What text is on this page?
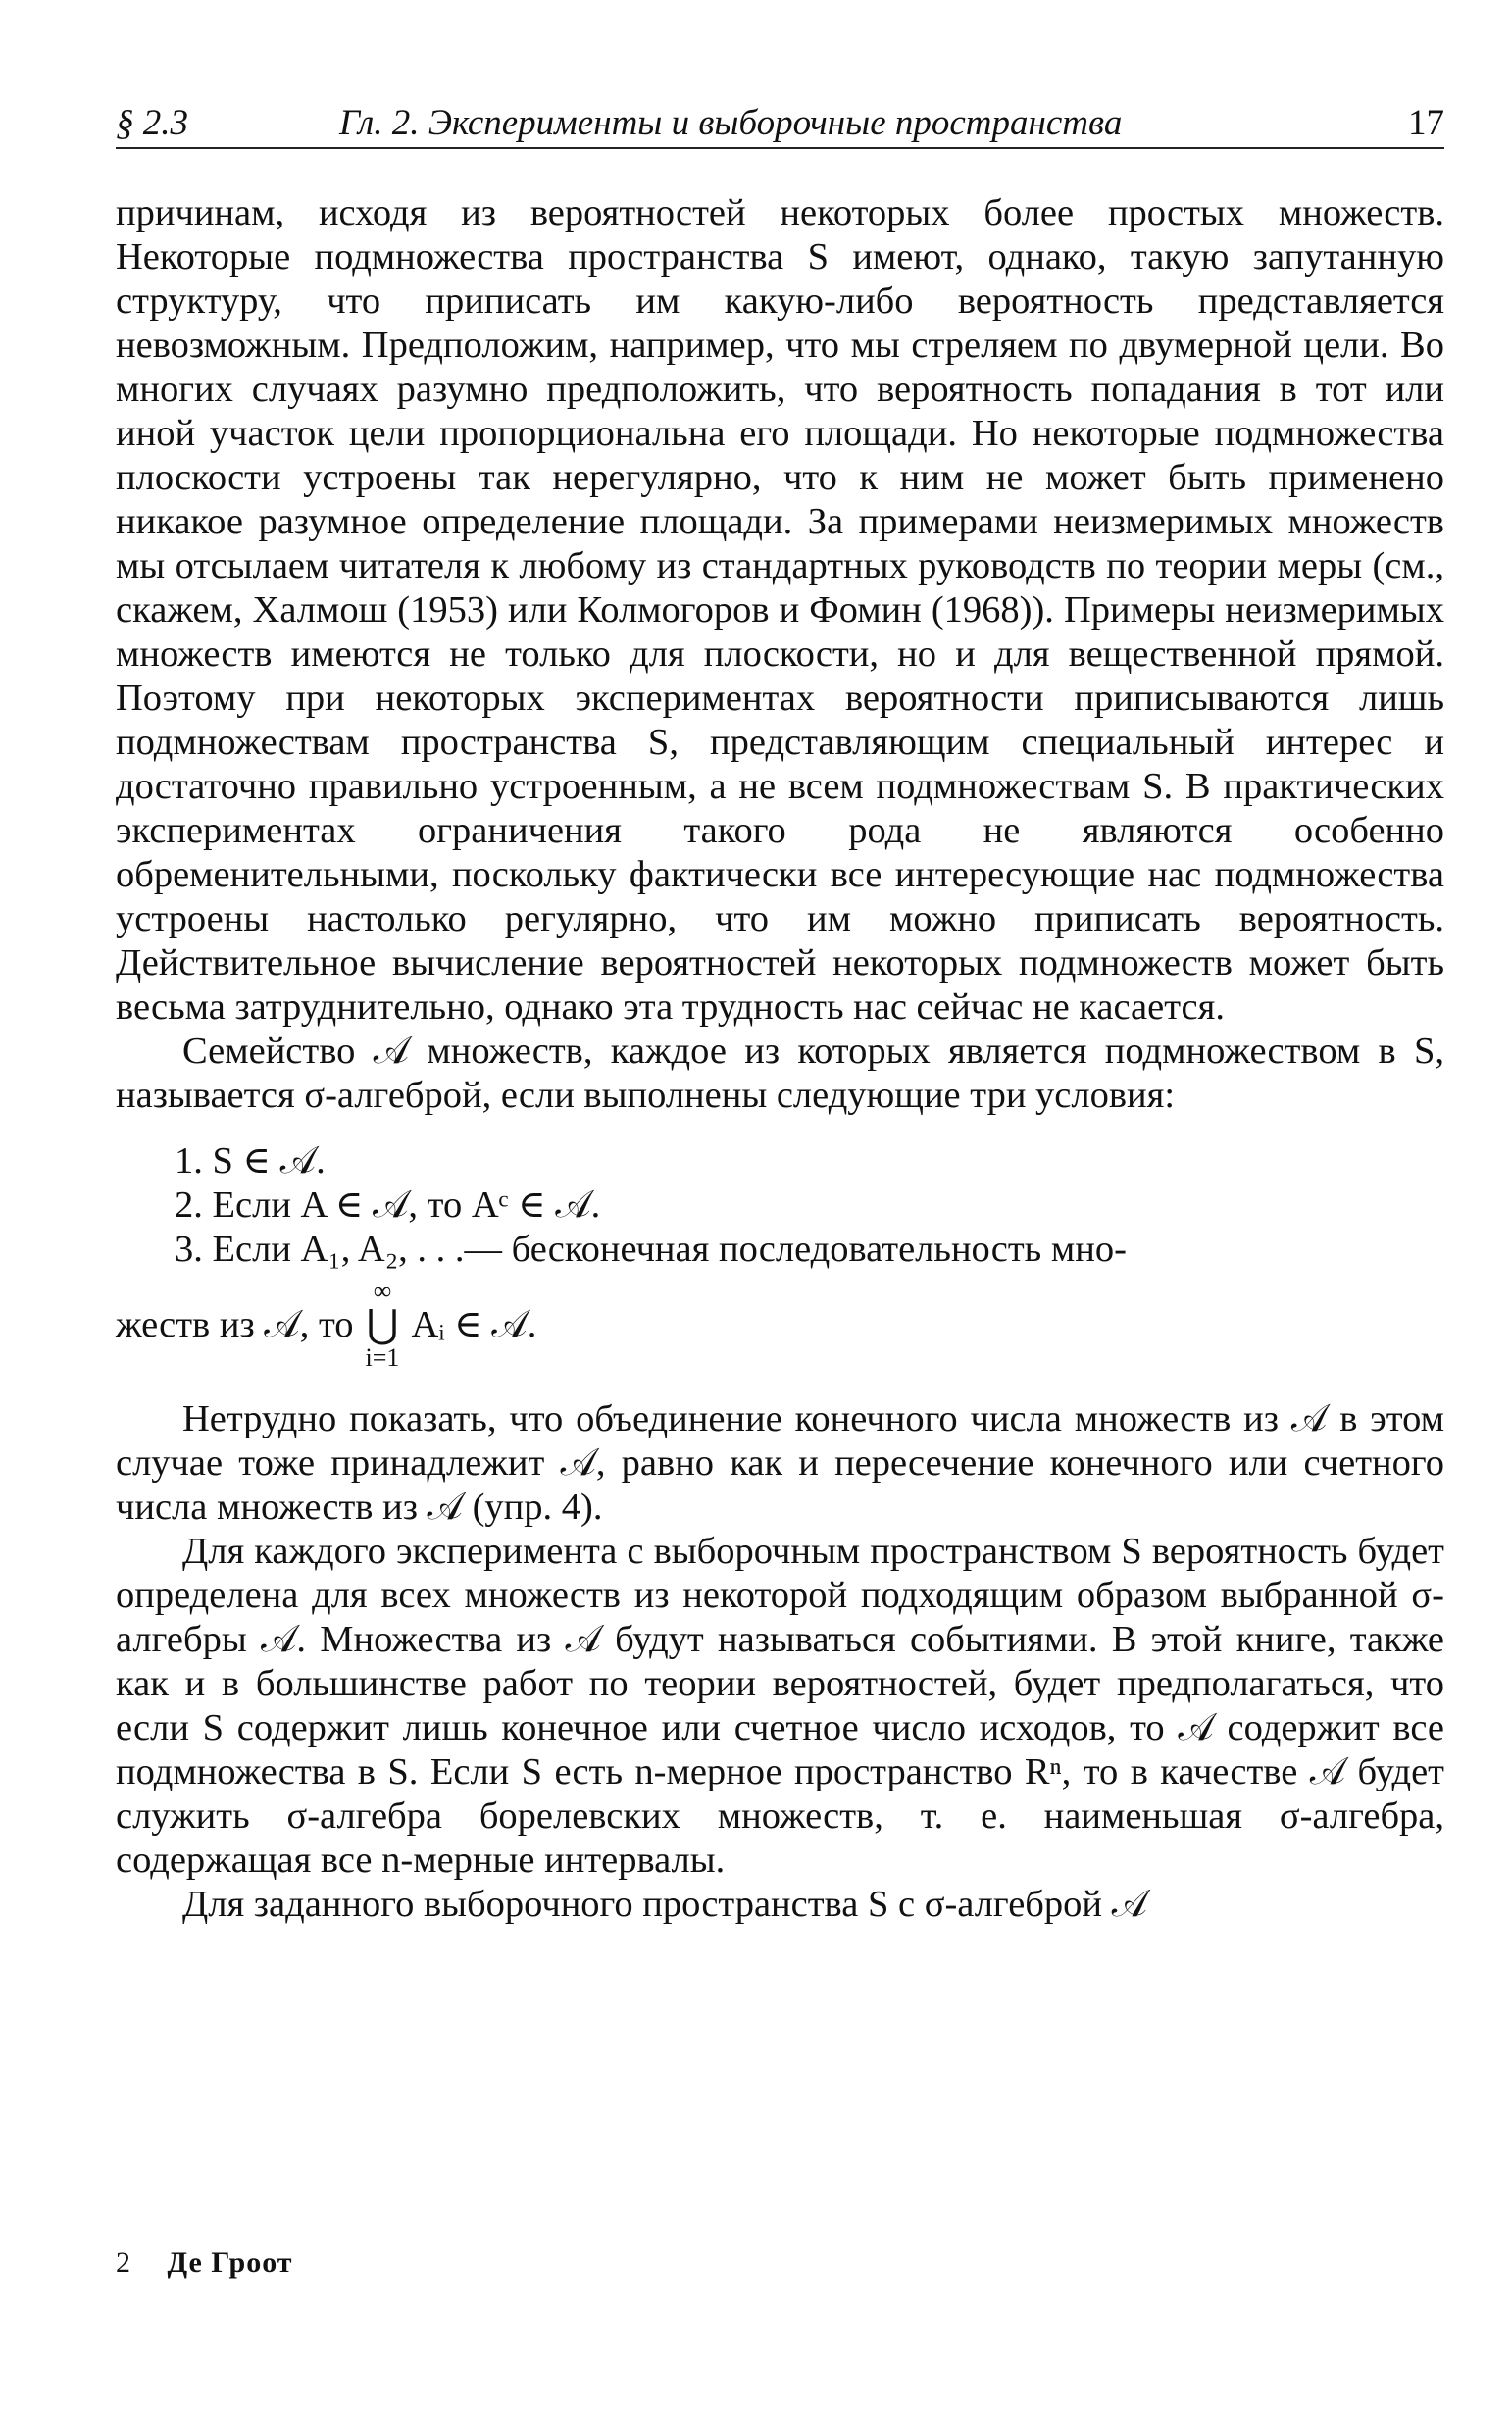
§ 2.3	Гл. 2. Эксперименты и выборочные пространства	17

причинам, исходя из вероятностей некоторых более простых множеств. Некоторые подмножества пространства S имеют, однако, такую запутанную структуру, что приписать им какую-либо вероятность представляется невозможным. Предположим, например, что мы стреляем по двумерной цели. Во многих случаях разумно предположить, что вероятность попадания в тот или иной участок цели пропорциональна его площади. Но некоторые подмножества плоскости устроены так нерегулярно, что к ним не может быть применено никакое разумное определение площади. За примерами неизмеримых множеств мы отсылаем читателя к любому из стандартных руководств по теории меры (см., скажем, Халмош (1953) или Колмогоров и Фомин (1968)). Примеры неизмеримых множеств имеются не только для плоскости, но и для вещественной прямой. Поэтому при некоторых экспериментах вероятности приписываются лишь подмножествам пространства S, представляющим специальный интерес и достаточно правильно устроенным, а не всем подмножествам S. В практических экспериментах ограничения такого рода не являются особенно обременительными, поскольку фактически все интересующие нас подмножества устроены настолько регулярно, что им можно приписать вероятность. Действительное вычисление вероятностей некоторых подмножеств может быть весьма затруднительно, однако эта трудность нас сейчас не касается.

Семейство 𝒜 множеств, каждое из которых является подмножеством в S, называется σ-алгеброй, если выполнены следующие три условия:

1. S ∈ 𝒜.
2. Если A ∈ 𝒜, то Aᶜ ∈ 𝒜.
3. Если A₁, A₂, . . .— бесконечная последовательность мно-
жеств из 𝒜, то
∞
⋃
i=1
Aᵢ ∈ 𝒜.

Нетрудно показать, что объединение конечного числа множеств из 𝒜 в этом случае тоже принадлежит 𝒜, равно как и пересечение конечного или счетного числа множеств из 𝒜 (упр. 4).

Для каждого эксперимента с выборочным пространством S вероятность будет определена для всех множеств из некоторой подходящим образом выбранной σ-алгебры 𝒜. Множества из 𝒜 будут называться событиями. В этой книге, также как и в большинстве работ по теории вероятностей, будет предполагаться, что если S содержит лишь конечное или счетное число исходов, то 𝒜 содержит все подмножества в S. Если S есть n-мерное пространство Rⁿ, то в качестве 𝒜 будет служить σ-алгебра борелевских множеств, т. е. наименьшая σ-алгебра, содержащая все n-мерные интервалы.

Для заданного выборочного пространства S с σ-алгеброй 𝒜

2 Де Гроот
